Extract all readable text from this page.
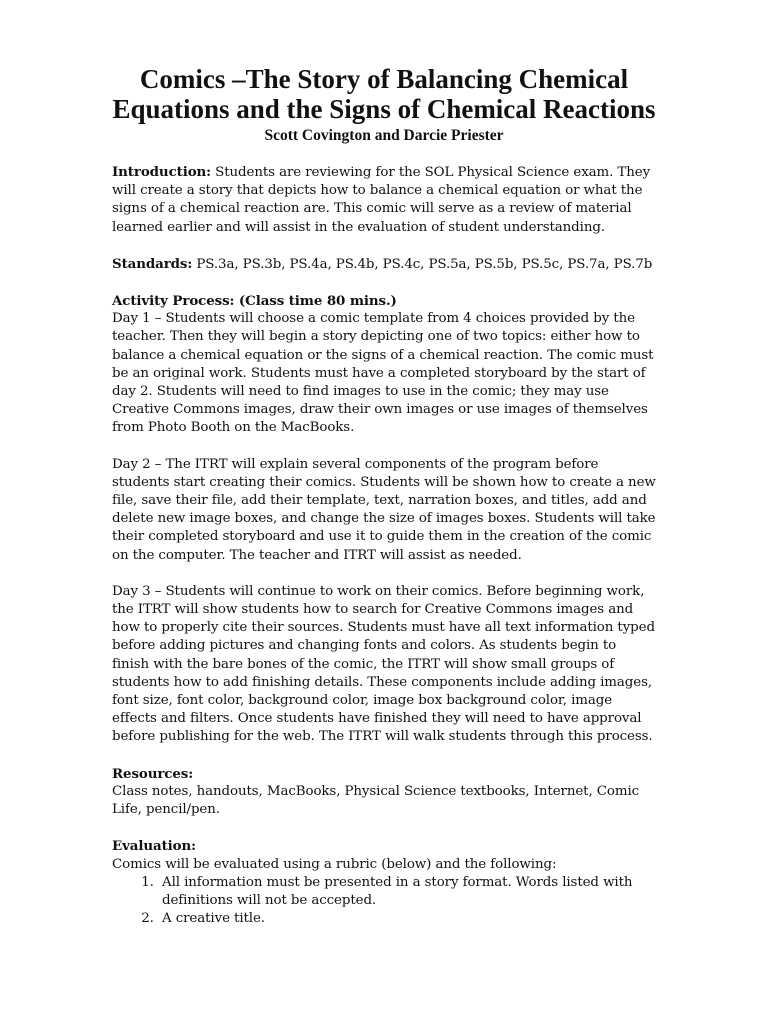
Comics –The Story of Balancing Chemical
Equations and the Signs of Chemical Reactions
Scott Covington and Darcie Priester

Introduction: Students are reviewing for the SOL Physical Science exam. They will create a story that depicts how to balance a chemical equation or what the signs of a chemical reaction are. This comic will serve as a review of material learned earlier and will assist in the evaluation of student understanding.

Standards: PS.3a, PS.3b, PS.4a, PS.4b, PS.4c, PS.5a, PS.5b, PS.5c, PS.7a, PS.7b

Activity Process: (Class time 80 mins.)
Day 1 – Students will choose a comic template from 4 choices provided by the teacher. Then they will begin a story depicting one of two topics: either how to balance a chemical equation or the signs of a chemical reaction. The comic must be an original work. Students must have a completed storyboard by the start of day 2. Students will need to find images to use in the comic; they may use Creative Commons images, draw their own images or use images of themselves from Photo Booth on the MacBooks.

Day 2 – The ITRT will explain several components of the program before students start creating their comics. Students will be shown how to create a new file, save their file, add their template, text, narration boxes, and titles, add and delete new image boxes, and change the size of images boxes. Students will take their completed storyboard and use it to guide them in the creation of the comic on the computer. The teacher and ITRT will assist as needed.

Day 3 – Students will continue to work on their comics. Before beginning work, the ITRT will show students how to search for Creative Commons images and how to properly cite their sources. Students must have all text information typed before adding pictures and changing fonts and colors. As students begin to finish with the bare bones of the comic, the ITRT will show small groups of students how to add finishing details. These components include adding images, font size, font color, background color, image box background color, image effects and filters. Once students have finished they will need to have approval before publishing for the web. The ITRT will walk students through this process.

Resources:
Class notes, handouts, MacBooks, Physical Science textbooks, Internet, Comic Life, pencil/pen.

Evaluation:
Comics will be evaluated using a rubric (below) and the following:

1. All information must be presented in a story format. Words listed with definitions will not be accepted.
2. A creative title.
